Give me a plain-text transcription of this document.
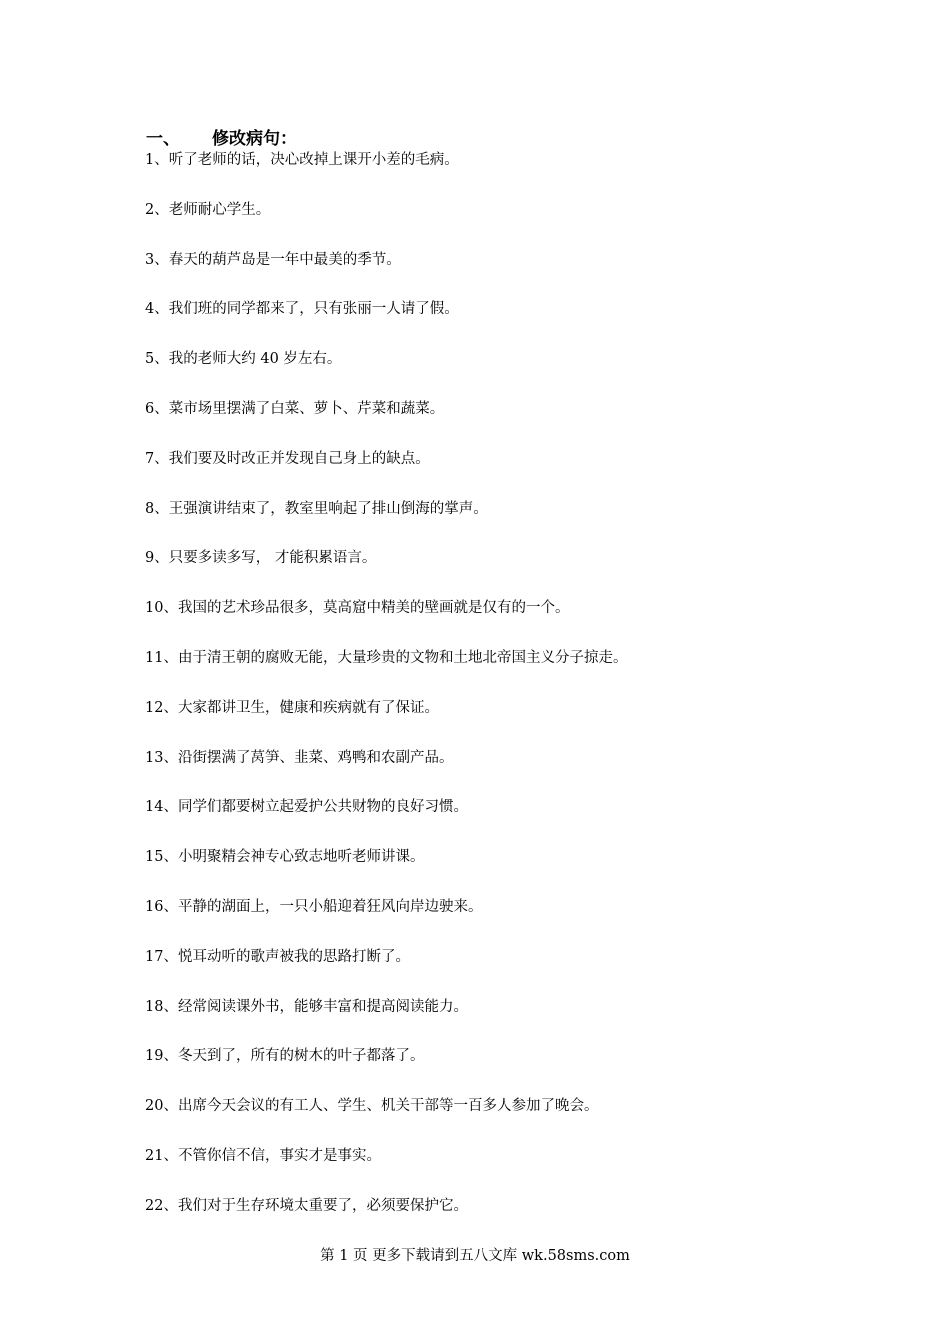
一、 修改病句：
1、听了老师的话，决心改掉上课开小差的毛病。
2、老师耐心学生。
3、春天的葫芦岛是一年中最美的季节。
4、我们班的同学都来了，只有张丽一人请了假。
5、我的老师大约 40 岁左右。
6、菜市场里摆满了白菜、萝卜、芹菜和蔬菜。
7、我们要及时改正并发现自己身上的缺点。
8、王强演讲结束了，教室里响起了排山倒海的掌声。
9、只要多读多写， 才能积累语言。
10、我国的艺术珍品很多，莫高窟中精美的壁画就是仅有的一个。
11、由于清王朝的腐败无能，大量珍贵的文物和土地北帝国主义分子掠走。
12、大家都讲卫生，健康和疾病就有了保证。
13、沿街摆满了莴笋、韭菜、鸡鸭和农副产品。
14、同学们都要树立起爱护公共财物的良好习惯。
15、小明聚精会神专心致志地听老师讲课。
16、平静的湖面上，一只小船迎着狂风向岸边驶来。
17、悦耳动听的歌声被我的思路打断了。
18、经常阅读课外书，能够丰富和提高阅读能力。
19、冬天到了，所有的树木的叶子都落了。
20、出席今天会议的有工人、学生、机关干部等一百多人参加了晚会。
21、不管你信不信，事实才是事实。
22、我们对于生存环境太重要了，必须要保护它。
第 1 页 更多下载请到五八文库 wk.58sms.com
